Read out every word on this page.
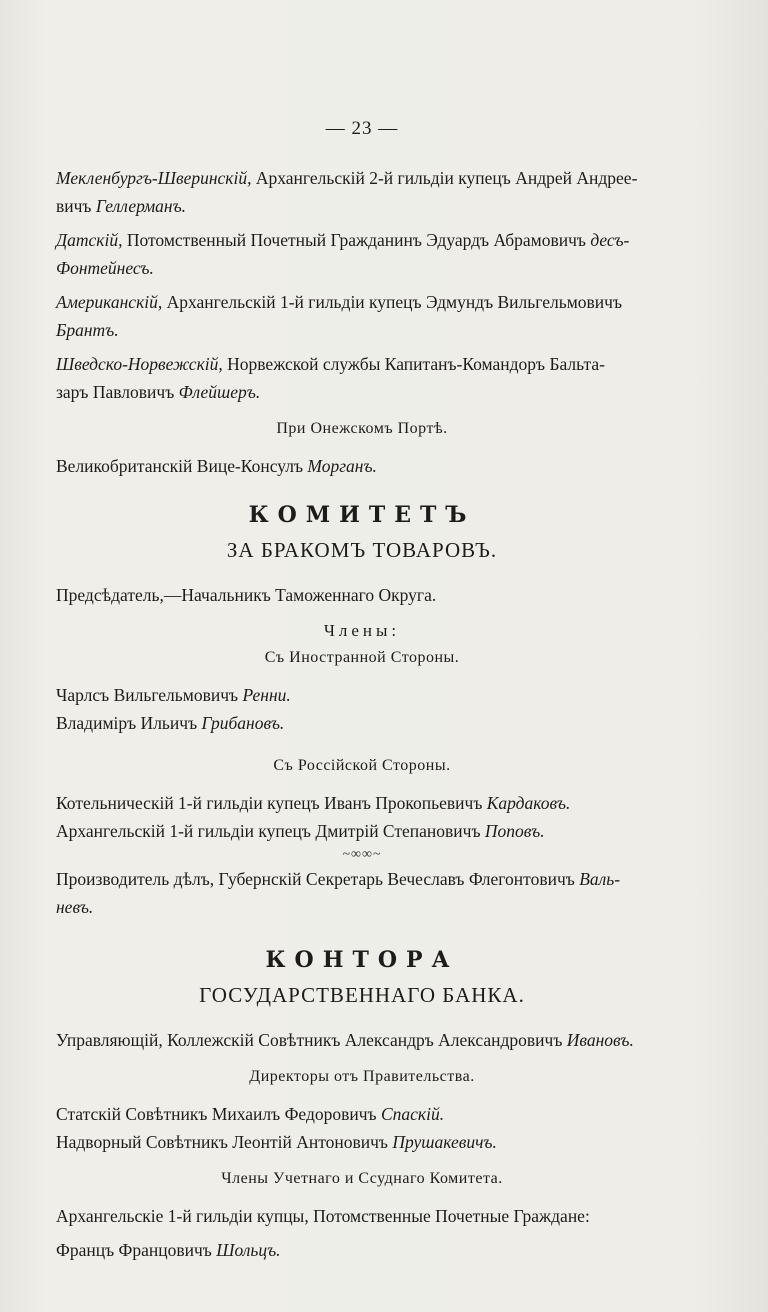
— 23 —

Мекленбургъ-Шверинскій, Архангельскій 2-й гильдіи купецъ Андрей Андрее-

вичъ Геллерманъ.

Датскій, Потомственный Почетный Гражданинъ Эдуардъ Абрамовичъ десъ-

Фонтейнесъ.

Американскій, Архангельскій 1-й гильдіи купецъ Эдмундъ Вильгельмовичъ

Брантъ.

Шведско-Норвежскій, Норвежской службы Капитанъ-Командоръ Бальта-

заръ Павловичъ Флейшеръ.

При Онежскомъ Портѣ.

Великобританскій Вице-Консулъ Морганъ.

КОМИТЕТЪ
ЗА БРАКОМЪ ТОВАРОВЪ.

Предсѣдатель,—Начальникъ Таможеннаго Округа.

Члены:
Съ Иностранной Стороны.

Чарлсъ Вильгельмовичъ Ренни.

Владиміръ Ильичъ Грибановъ.

Съ Россійской Стороны.

Котельническій 1-й гильдіи купецъ Иванъ Прокопьевичъ Кардаковъ.

Архангельскій 1-й гильдіи купецъ Дмитрій Степановичъ Поповъ.

~∞∞~

Производитель дѣлъ, Губернскій Секретарь Вечеславъ Флегонтовичъ Валь-

невъ.

КОНТОРА
ГОСУДАРСТВЕННАГО БАНКА.

Управляющій, Коллежскій Совѣтникъ Александръ Александровичъ Ивановъ.

Директоры отъ Правительства.

Статскій Совѣтникъ Михаилъ Федоровичъ Спаскій.

Надворный Совѣтникъ Леонтій Антоновичъ Прушакевичъ.

Члены Учетнаго и Ссуднаго Комитета.

Архангельскіе 1-й гильдіи купцы, Потомственные Почетные Граждане:

Францъ Францовичъ Шольцъ.
